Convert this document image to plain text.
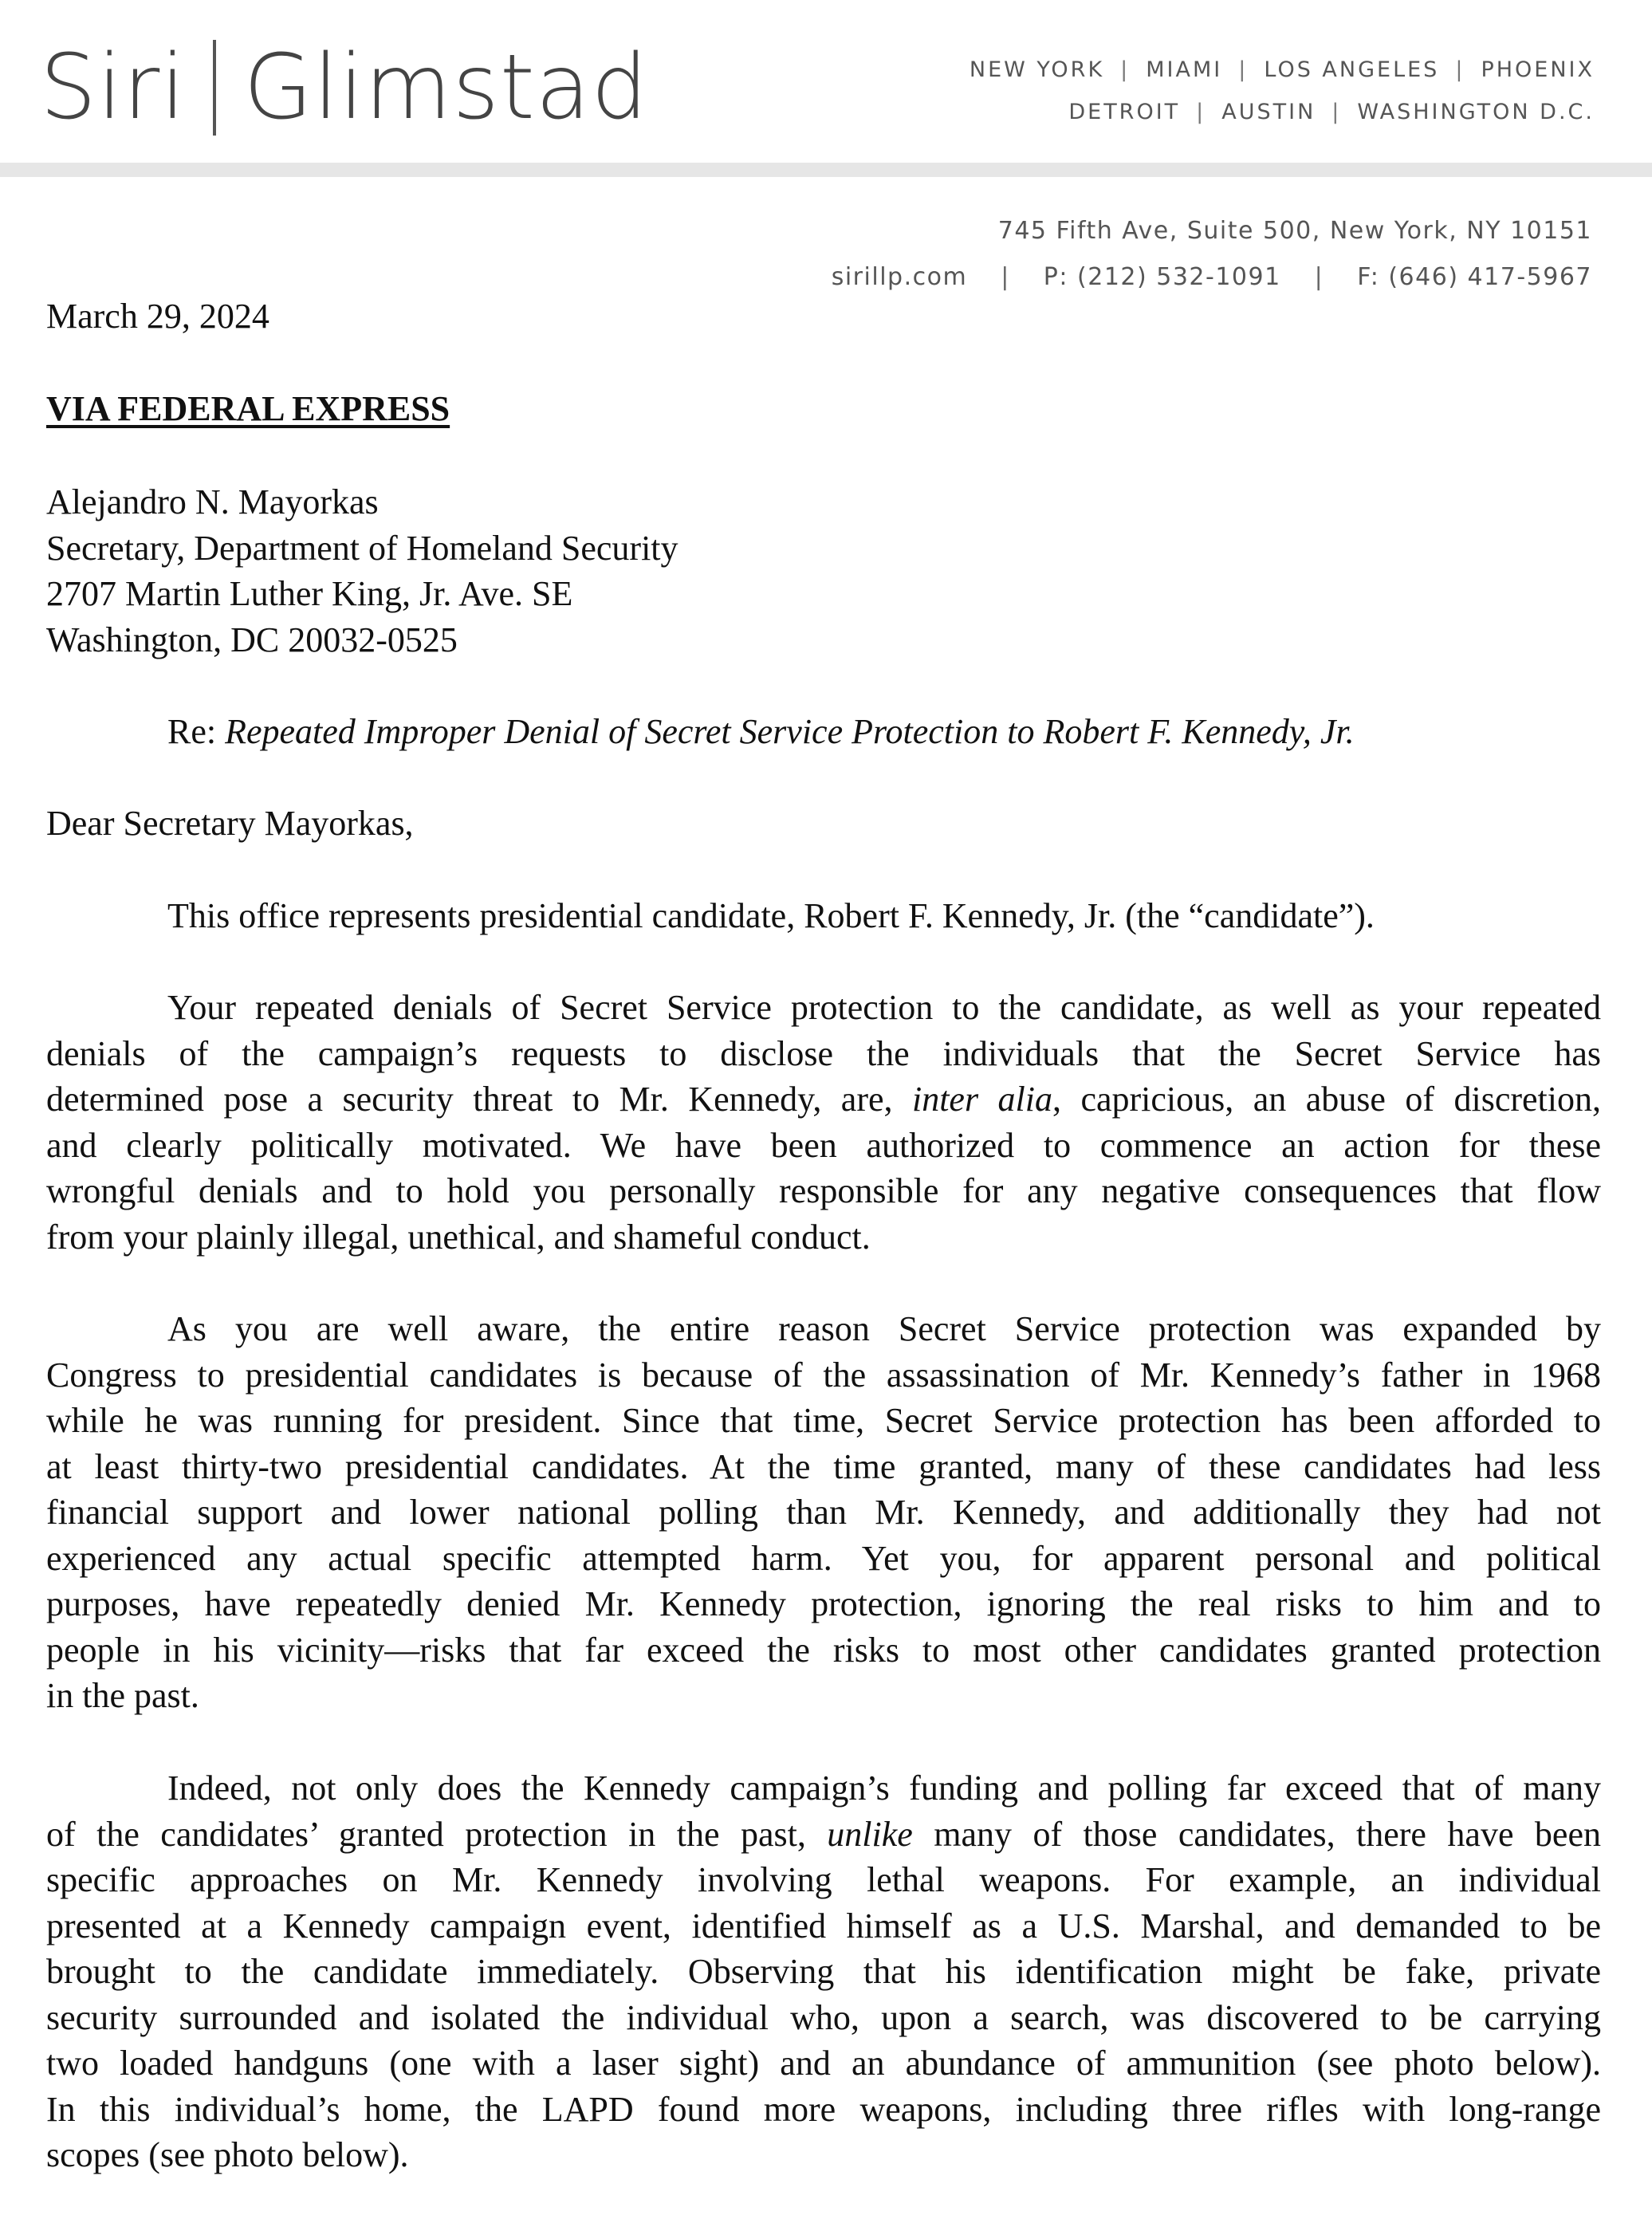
Siri Glimstad	NEW YORK | MIAMI | LOS ANGELES | PHOENIX
DETROIT | AUSTIN | WASHINGTON D.C.
745 Fifth Ave, Suite 500, New York, NY 10151
sirillp.com | P: (212) 532-1091 | F: (646) 417-5967
March 29, 2024
VIA FEDERAL EXPRESS
Alejandro N. Mayorkas
Secretary, Department of Homeland Security
2707 Martin Luther King, Jr. Ave. SE
Washington, DC 20032-0525
Re: Repeated Improper Denial of Secret Service Protection to Robert F. Kennedy, Jr.
Dear Secretary Mayorkas,
This office represents presidential candidate, Robert F. Kennedy, Jr. (the “candidate”).
Your repeated denials of Secret Service protection to the candidate, as well as your repeated
denials of the campaign’s requests to disclose the individuals that the Secret Service has
determined pose a security threat to Mr. Kennedy, are, inter alia, capricious, an abuse of discretion,
and clearly politically motivated. We have been authorized to commence an action for these
wrongful denials and to hold you personally responsible for any negative consequences that flow
from your plainly illegal, unethical, and shameful conduct.
As you are well aware, the entire reason Secret Service protection was expanded by
Congress to presidential candidates is because of the assassination of Mr. Kennedy’s father in 1968
while he was running for president. Since that time, Secret Service protection has been afforded to
at least thirty-two presidential candidates. At the time granted, many of these candidates had less
financial support and lower national polling than Mr. Kennedy, and additionally they had not
experienced any actual specific attempted harm. Yet you, for apparent personal and political
purposes, have repeatedly denied Mr. Kennedy protection, ignoring the real risks to him and to
people in his vicinity—risks that far exceed the risks to most other candidates granted protection
in the past.
Indeed, not only does the Kennedy campaign’s funding and polling far exceed that of many
of the candidates’ granted protection in the past, unlike many of those candidates, there have been
specific approaches on Mr. Kennedy involving lethal weapons. For example, an individual
presented at a Kennedy campaign event, identified himself as a U.S. Marshal, and demanded to be
brought to the candidate immediately. Observing that his identification might be fake, private
security surrounded and isolated the individual who, upon a search, was discovered to be carrying
two loaded handguns (one with a laser sight) and an abundance of ammunition (see photo below).
In this individual’s home, the LAPD found more weapons, including three rifles with long-range
scopes (see photo below).
